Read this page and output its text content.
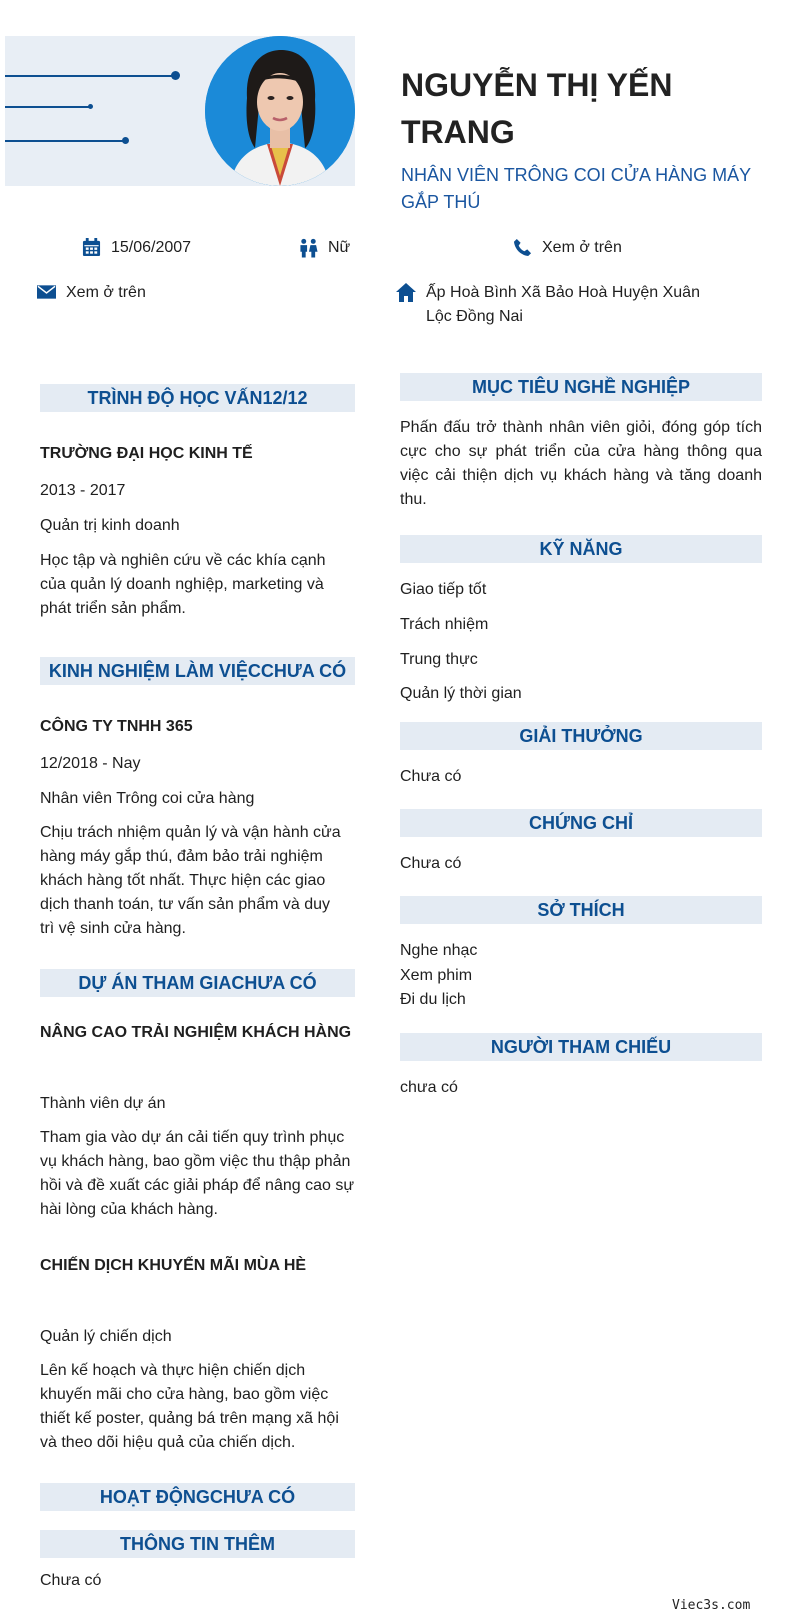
NGUYỄN THỊ YẾN TRANG
NHÂN VIÊN TRÔNG COI CỬA HÀNG MÁY GẮP THÚ
15/06/2007	Nữ	Xem ở trên
Xem ở trên	Ấp Hoà Bình Xã Bảo Hoà Huyện Xuân Lộc Đồng Nai
TRÌNH ĐỘ HỌC VẤN12/12
TRƯỜNG ĐẠI HỌC KINH TẾ
2013 - 2017
Quản trị kinh doanh
Học tập và nghiên cứu về các khía cạnh của quản lý doanh nghiệp, marketing và phát triển sản phẩm.
KINH NGHIỆM LÀM VIỆCCHƯA CÓ
CÔNG TY TNHH 365
12/2018 - Nay
Nhân viên Trông coi cửa hàng
Chịu trách nhiệm quản lý và vận hành cửa hàng máy gắp thú, đảm bảo trải nghiệm khách hàng tốt nhất. Thực hiện các giao dịch thanh toán, tư vấn sản phẩm và duy trì vệ sinh cửa hàng.
DỰ ÁN THAM GIACHƯA CÓ
NÂNG CAO TRẢI NGHIỆM KHÁCH HÀNG
Thành viên dự án
Tham gia vào dự án cải tiến quy trình phục vụ khách hàng, bao gồm việc thu thập phản hồi và đề xuất các giải pháp để nâng cao sự hài lòng của khách hàng.
CHIẾN DỊCH KHUYẾN MÃI MÙA HÈ
Quản lý chiến dịch
Lên kế hoạch và thực hiện chiến dịch khuyến mãi cho cửa hàng, bao gồm việc thiết kế poster, quảng bá trên mạng xã hội và theo dõi hiệu quả của chiến dịch.
HOẠT ĐỘNGCHƯA CÓ
THÔNG TIN THÊM
Chưa có
MỤC TIÊU NGHỀ NGHIỆP
Phấn đấu trở thành nhân viên giỏi, đóng góp tích cực cho sự phát triển của cửa hàng thông qua việc cải thiện dịch vụ khách hàng và tăng doanh thu.
KỸ NĂNG
Giao tiếp tốt
Trách nhiệm
Trung thực
Quản lý thời gian
GIẢI THƯỞNG
Chưa có
CHỨNG CHỈ
Chưa có
SỞ THÍCH
Nghe nhạc
Xem phim
Đi du lịch
NGƯỜI THAM CHIẾU
chưa có
Viec3s.com
